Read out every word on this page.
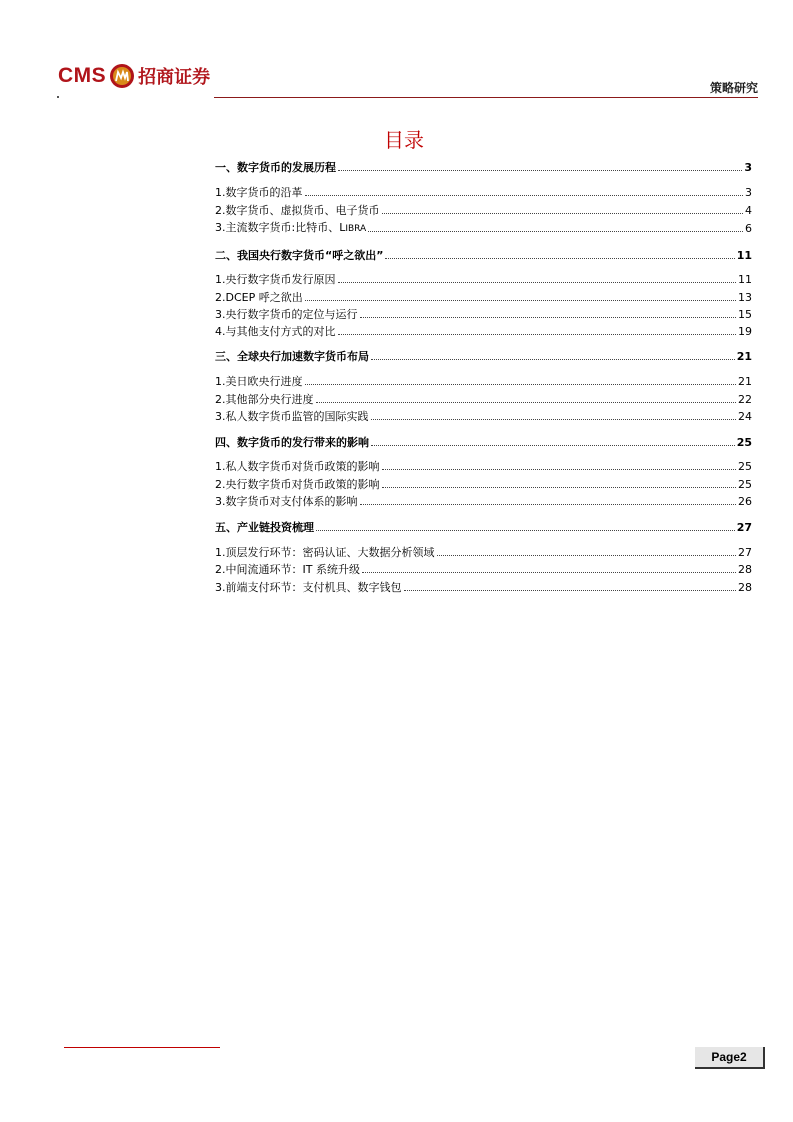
CMS 招商证券	策略研究
目录
一、数字货币的发展历程	3
1.数字货币的沿革	3
2.数字货币、虚拟货币、电子货币	4
3.主流数字货币:比特币、LIBRA	6
二、我国央行数字货币“呼之欲出”	11
1.央行数字货币发行原因	11
2.DCEP 呼之欲出	13
3.央行数字货币的定位与运行	15
4.与其他支付方式的对比	19
三、全球央行加速数字货币布局	21
1.美日欧央行进度	21
2.其他部分央行进度	22
3.私人数字货币监管的国际实践	24
四、数字货币的发行带来的影响	25
1.私人数字货币对货币政策的影响	25
2.央行数字货币对货币政策的影响	25
3.数字货币对支付体系的影响	26
五、产业链投资梳理	27
1.顶层发行环节：密码认证、大数据分析领域	27
2.中间流通环节：IT 系统升级	28
3.前端支付环节：支付机具、数字钱包	28
Page2
